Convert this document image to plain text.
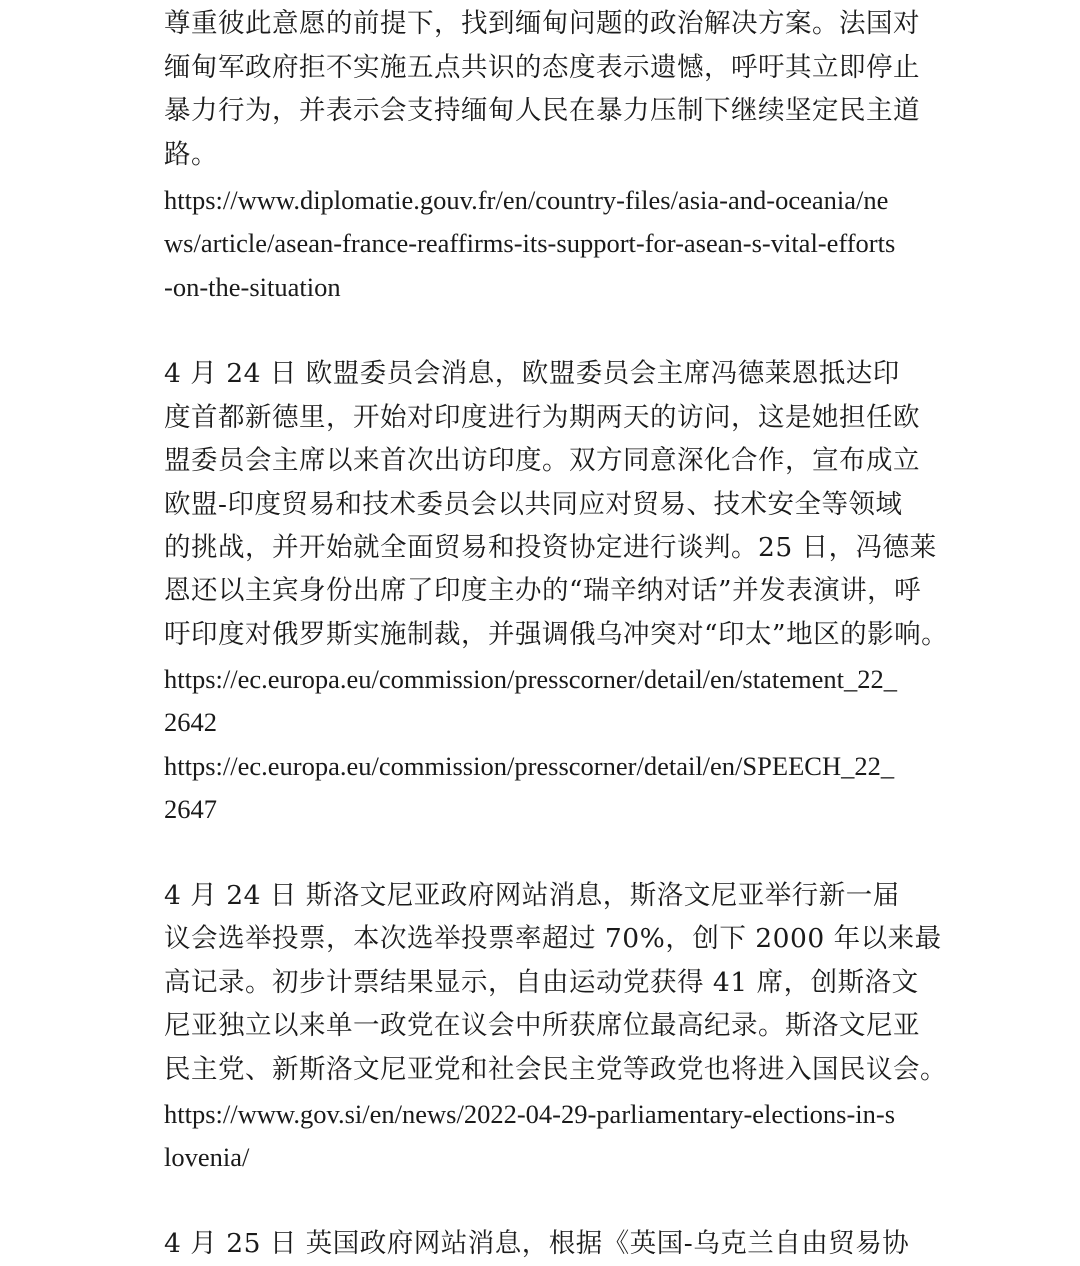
尊重彼此意愿的前提下，找到缅甸问题的政治解决方案。法国对
缅甸军政府拒不实施五点共识的态度表示遗憾，呼吁其立即停止
暴力行为，并表示会支持缅甸人民在暴力压制下继续坚定民主道
路。
https://www.diplomatie.gouv.fr/en/country-files/asia-and-oceania/ne
ws/article/asean-france-reaffirms-its-support-for-asean-s-vital-efforts
-on-the-situation
4 月 24 日 欧盟委员会消息，欧盟委员会主席冯德莱恩抵达印
度首都新德里，开始对印度进行为期两天的访问，这是她担任欧
盟委员会主席以来首次出访印度。双方同意深化合作，宣布成立
欧盟-印度贸易和技术委员会以共同应对贸易、技术安全等领域
的挑战，并开始就全面贸易和投资协定进行谈判。25 日，冯德莱
恩还以主宾身份出席了印度主办的“瑞辛纳对话”并发表演讲，呼
吁印度对俄罗斯实施制裁，并强调俄乌冲突对“印太”地区的影响。
https://ec.europa.eu/commission/presscorner/detail/en/statement_22_
2642
https://ec.europa.eu/commission/presscorner/detail/en/SPEECH_22_
2647
4 月 24 日 斯洛文尼亚政府网站消息，斯洛文尼亚举行新一届
议会选举投票，本次选举投票率超过 70%，创下 2000 年以来最
高记录。初步计票结果显示，自由运动党获得 41 席，创斯洛文
尼亚独立以来单一政党在议会中所获席位最高纪录。斯洛文尼亚
民主党、新斯洛文尼亚党和社会民主党等政党也将进入国民议会。
https://www.gov.si/en/news/2022-04-29-parliamentary-elections-in-s
lovenia/
4 月 25 日 英国政府网站消息，根据《英国-乌克兰自由贸易协
